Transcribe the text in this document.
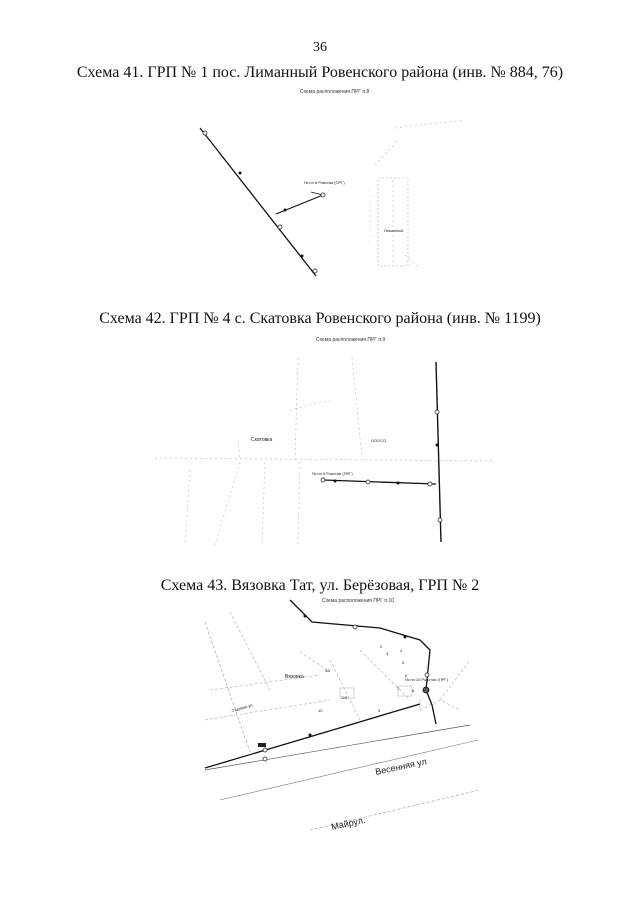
36
Схема 41. ГРП № 1 пос. Лиманный Ровенского района (инв. № 884, 76)
Схема расположения ПРГ п.8
№ пп 8 Ровстаи (ПРГ)
Лиманный
Схема 42. ГРП № 4 с. Скатовка Ровенского района (инв. № 1199)
Схема расположения ПРГ п.9
Скатовка	ОООСО
№ пп 9 Ровстаи (ПРГ)
Схема 43. Вязовка Тат, ул. Берёзовая, ГРП № 2
Схема расположения ПРГ п.10
Вязовка	№ пп 10 Ровстаи (ПРГ)
Весенняя ул
Майрул.
Садовая ул.
2
3
4
5
6
7	8
9
9А
11б
10
